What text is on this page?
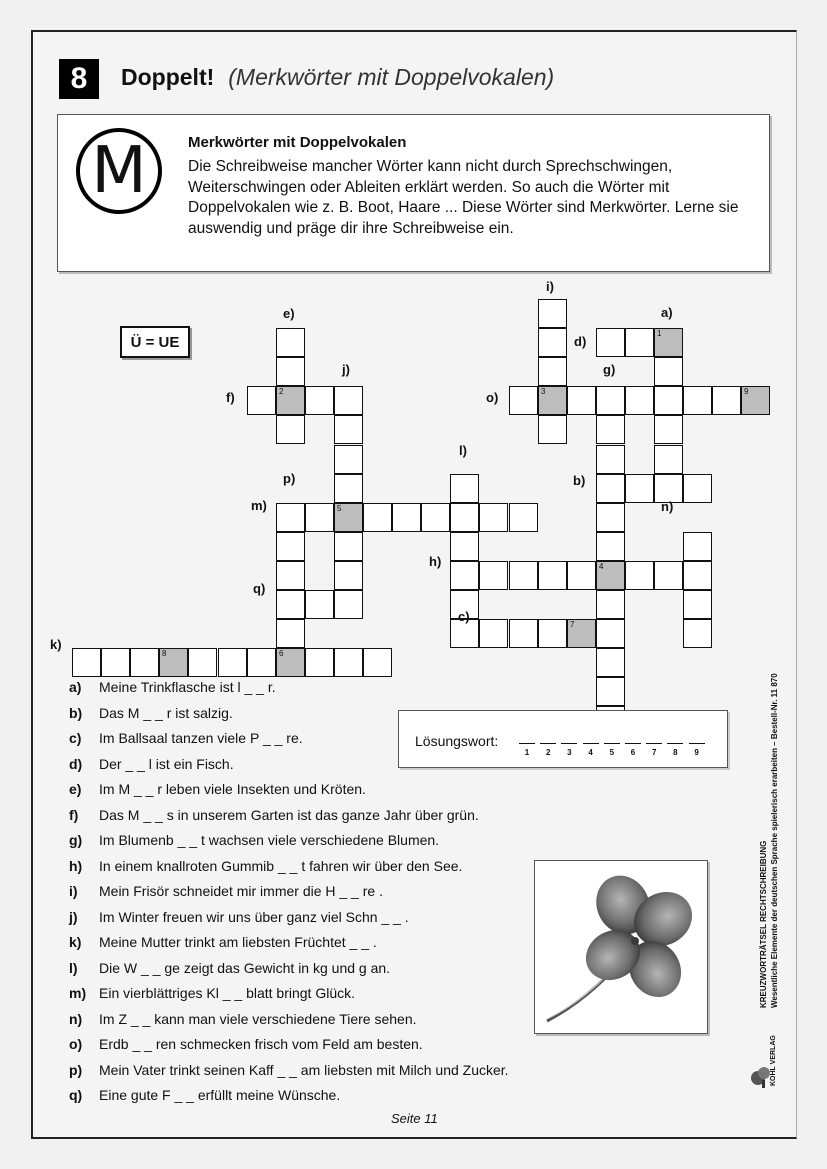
8	Doppelt! (Merkwörter mit Doppelvokalen)
M	Merkwörter mit Doppelvokalen
Die Schreibweise mancher Wörter kann nicht durch Sprechschwingen, Weiterschwingen oder Ableiten erklärt werden. So auch die Wörter mit Doppelvokalen wie z. B. Boot, Haare ... Diese Wörter sind Merkwörter. Lerne sie auswendig und präge dir ihre Schreibweise ein.
Ü = UE	1
2	3	9
5
4
7
8	6
a)
b)
c)
d)
e)
f)
g)
h)
i)
j)
k)
l)
m)	n)
o)
p)
q)
a) Meine Trinkflasche ist l _ _ r.
b) Das M _ _ r ist salzig.
c) Im Ballsaal tanzen viele P _ _ re.
d) Der _ _ l ist ein Fisch.
e) Im M _ _ r leben viele Insekten und Kröten.
f) Das M _ _ s in unserem Garten ist das ganze Jahr über grün.
g) Im Blumenb _ _ t wachsen viele verschiedene Blumen.
h) In einem knallroten Gummib _ _ t fahren wir über den See.
i) Mein Frisör schneidet mir immer die H _ _ re .
j) Im Winter freuen wir uns über ganz viel Schn _ _ .
k) Meine Mutter trinkt am liebsten Früchtet _ _ .
l) Die W _ _ ge zeigt das Gewicht in kg und g an.
m) Ein vierblättriges Kl _ _ blatt bringt Glück.
n) Im Z _ _ kann man viele verschiedene Tiere sehen.
o) Erdb _ _ ren schmecken frisch vom Feld am besten.
p) Mein Vater trinkt seinen Kaff _ _ am liebsten mit Milch und Zucker.
q) Eine gute F _ _ erfüllt meine Wünsche.
Lösungswort:
1	2	3	4	5	6	7	8	9
KREUZWORTRÄTSEL RECHTSCHREIBUNG Wesentliche Elemente der deutschen Sprache spielerisch erarbeiten – Bestell-Nr. 11 870
KOHL VERLAG
Seite 11
